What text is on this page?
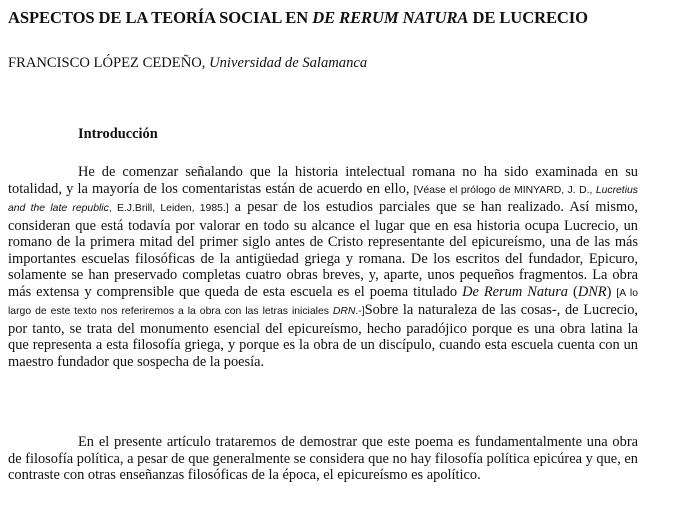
ASPECTOS DE LA TEORÍA SOCIAL EN DE RERUM NATURA DE LUCRECIO
FRANCISCO LÓPEZ CEDEÑO, Universidad de Salamanca
Introducción

He de comenzar señalando que la historia intelectual romana no ha sido examinada en su totalidad, y la mayoría de los comentaristas están de acuerdo en ello, [Véase el prólogo de MINYARD, J. D., Lucretius and the late republic, E.J.Brill, Leiden, 1985.] a pesar de los estudios parciales que se han realizado. Así mismo, consideran que está todavía por valorar en todo su alcance el lugar que en esa historia ocupa Lucrecio, un romano de la primera mitad del primer siglo antes de Cristo representante del epicureísmo, una de las más importantes escuelas filosóficas de la antigüedad griega y romana. De los escritos del fundador, Epicuro, solamente se han preservado completas cuatro obras breves, y, aparte, unos pequeños fragmentos. La obra más extensa y comprensible que queda de esta escuela es el poema titulado De Rerum Natura (DNR) [A lo largo de este texto nos referiremos a la obra con las letras iniciales DRN.-]Sobre la naturaleza de las cosas-, de Lucrecio, por tanto, se trata del monumento esencial del epicureísmo, hecho paradójico porque es una obra latina la que representa a esta filosofía griega, y porque es la obra de un discípulo, cuando esta escuela cuenta con un maestro fundador que sospecha de la poesía.

En el presente artículo trataremos de demostrar que este poema es fundamentalmente una obra de filosofía política, a pesar de que generalmente se considera que no hay filosofía política epicúrea y que, en contraste con otras enseñanzas filosóficas de la época, el epicureísmo es apolítico.
